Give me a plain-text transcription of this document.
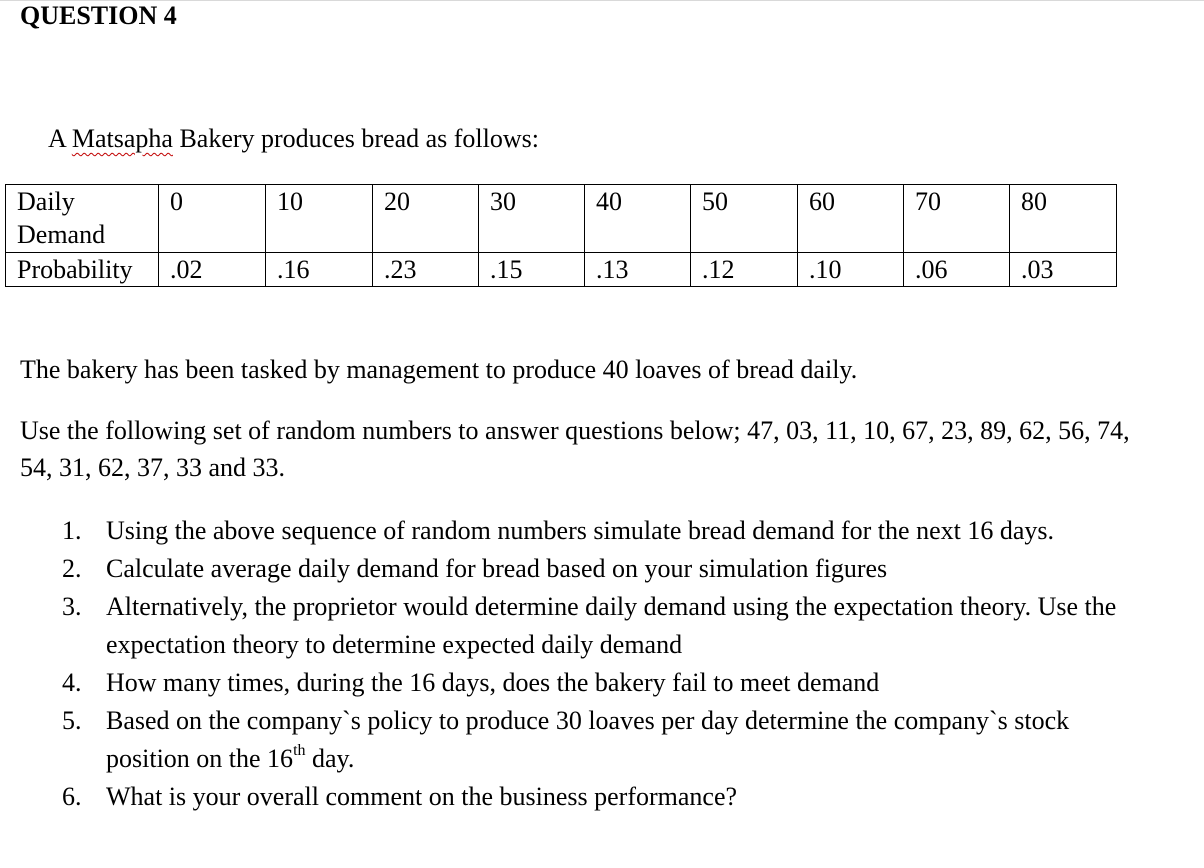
QUESTION 4
A Matsapha Bakery produces bread as follows:
Daily Demand	0	10	20	30	40	50	60	70	80
Probability	.02	.16	.23	.15	.13	.12	.10	.06	.03
The bakery has been tasked by management to produce 40 loaves of bread daily.
Use the following set of random numbers to answer questions below; 47, 03, 11, 10, 67, 23, 89, 62, 56, 74, 54, 31, 62, 37, 33 and 33.
1. Using the above sequence of random numbers simulate bread demand for the next 16 days.
2. Calculate average daily demand for bread based on your simulation figures
3. Alternatively, the proprietor would determine daily demand using the expectation theory. Use the expectation theory to determine expected daily demand
4. How many times, during the 16 days, does the bakery fail to meet demand
5. Based on the company`s policy to produce 30 loaves per day determine the company`s stock position on the 16th day.
6. What is your overall comment on the business performance?
